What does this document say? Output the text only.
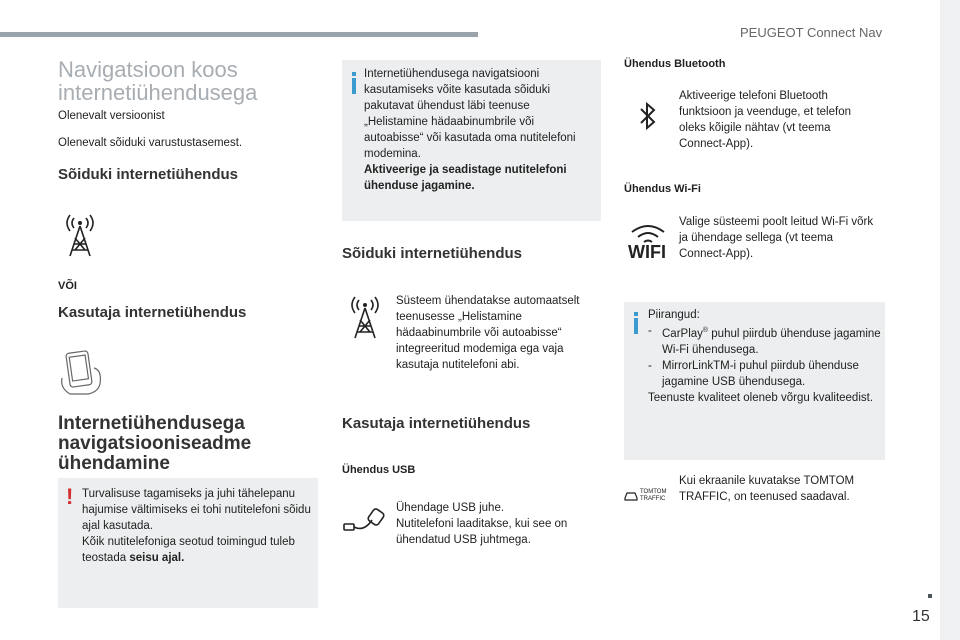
PEUGEOT Connect Nav
15
Navigatsioon koos internetiühendusega
Olenevalt versioonist
Olenevalt sõiduki varustustasemest.
Sõiduki internetiühendus
VÕI
Kasutaja internetiühendus
Internetiühendusega navigatsiooniseadme ühendamine
! Turvalisuse tagamiseks ja juhi tähelepanu hajumise vältimiseks ei tohi nutitelefoni sõidu ajal kasutada.
Kõik nutitelefoniga seotud toimingud tuleb teostada seisu ajal.
Internetiühendusega navigatsiooni kasutamiseks võite kasutada sõiduki pakutavat ühendust läbi teenuse „Helistamine hädaabinumbrile või autoabisse“ või kasutada oma nutitelefoni modemina.
Aktiveerige ja seadistage nutitelefoni ühenduse jagamine.
Sõiduki internetiühendus
Süsteem ühendatakse automaatselt teenusesse „Helistamine hädaabinumbrile või autoabisse“ integreeritud modemiga ega vaja kasutaja nutitelefoni abi.
Kasutaja internetiühendus
Ühendus USB
Ühendage USB juhe.
Nutitelefoni laaditakse, kui see on ühendatud USB juhtmega.
Ühendus Bluetooth
Aktiveerige telefoni Bluetooth funktsioon ja veenduge, et telefon oleks kõigile nähtav (vt teema Connect-App).
Ühendus Wi-Fi
WIFI
Valige süsteemi poolt leitud Wi-Fi võrk ja ühendage sellega (vt teema Connect-App).
Piirangud:
- CarPlay® puhul piirdub ühenduse jagamine Wi-Fi ühendusega.
- MirrorLinkTM-i puhul piirdub ühenduse jagamine USB ühendusega.
Teenuste kvaliteet oleneb võrgu kvaliteedist.
TOMTOM
TRAFFIC
Kui ekraanile kuvatakse TOMTOM TRAFFIC, on teenused saadaval.
